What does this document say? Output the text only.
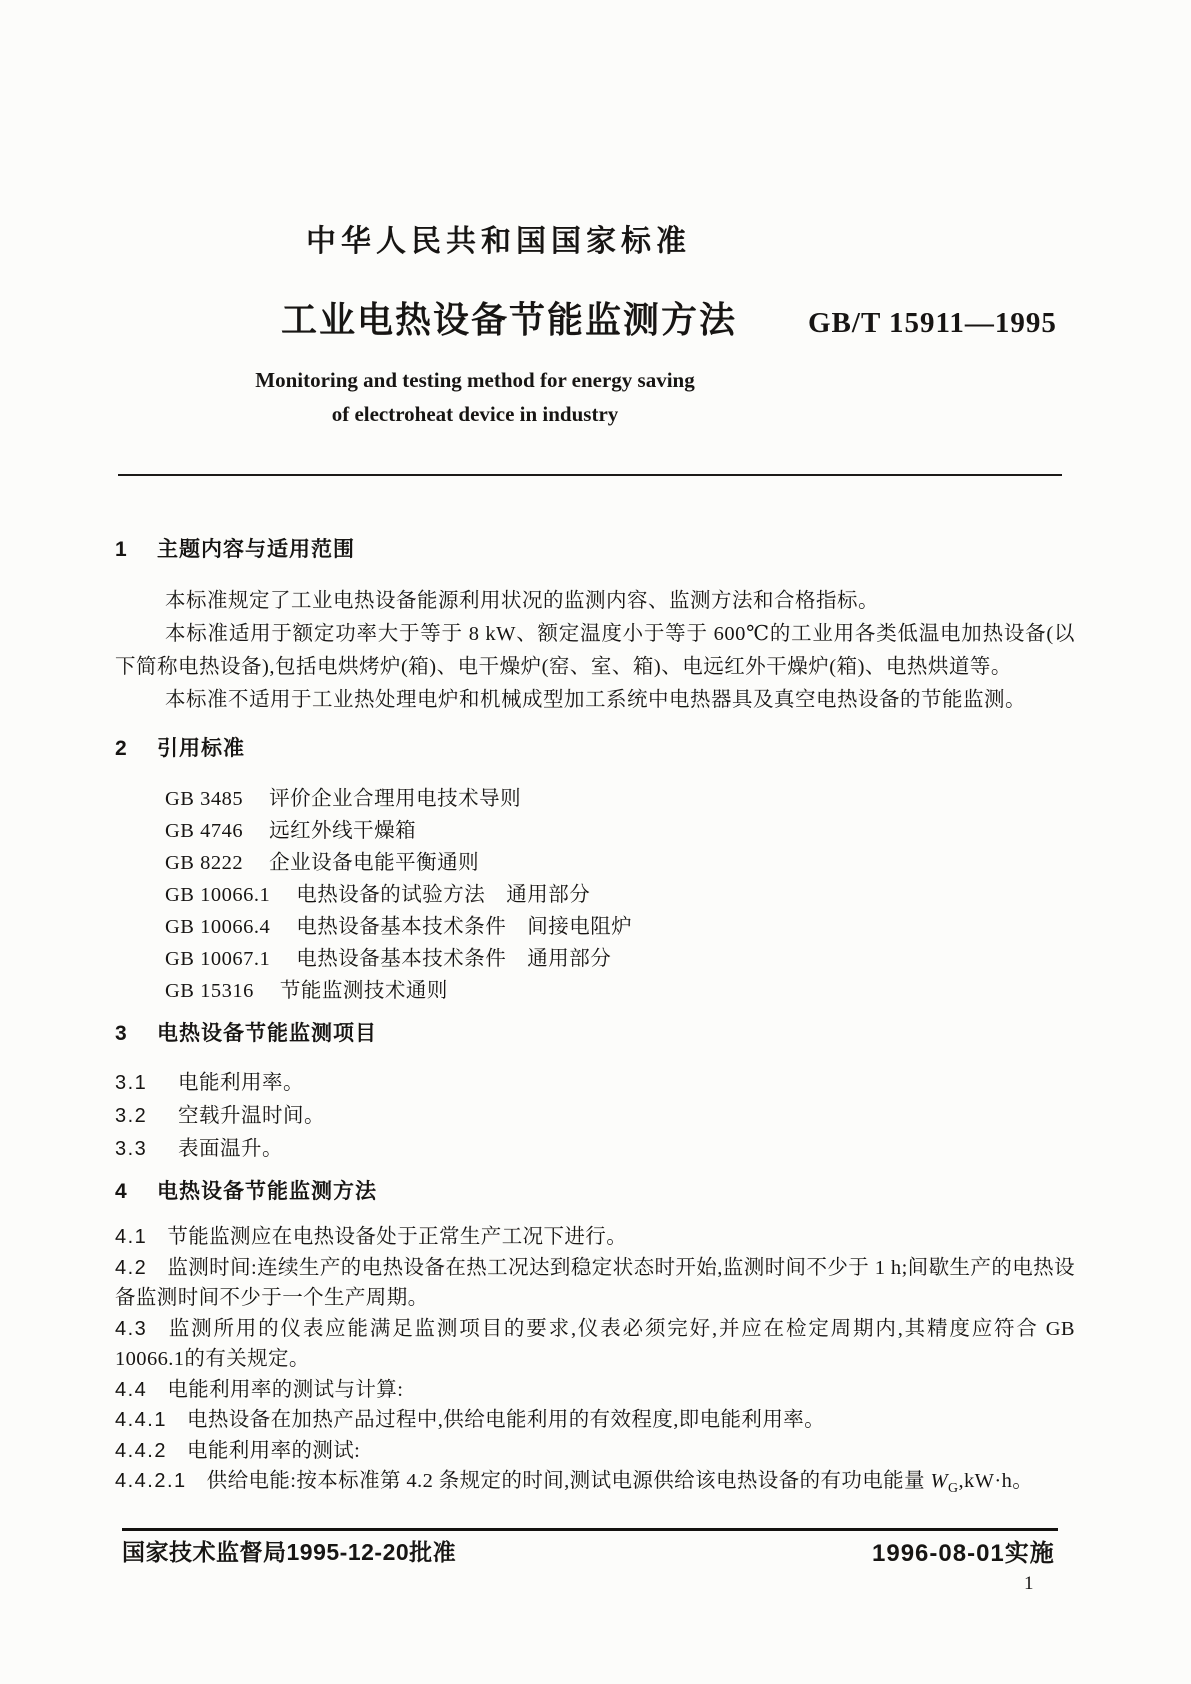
中华人民共和国国家标准
工业电热设备节能监测方法 GB/T 15911—1995
Monitoring and testing method for energy saving
of electroheat device in industry
1	主题内容与适用范围

本标准规定了工业电热设备能源利用状况的监测内容、监测方法和合格指标。

本标准适用于额定功率大于等于 8 kW、额定温度小于等于 600℃的工业用各类低温电加热设备(以下简称电热设备),包括电烘烤炉(箱)、电干燥炉(窑、室、箱)、电远红外干燥炉(箱)、电热烘道等。

本标准不适用于工业热处理电炉和机械成型加工系统中电热器具及真空电热设备的节能监测。

2	引用标准
GB 3485 评价企业合理用电技术导则
GB 4746 远红外线干燥箱
GB 8222 企业设备电能平衡通则
GB 10066.1 电热设备的试验方法　通用部分
GB 10066.4 电热设备基本技术条件　间接电阻炉
GB 10067.1 电热设备基本技术条件　通用部分
GB 15316 节能监测技术通则
3	电热设备节能监测项目
3.1	电能利用率。
3.2	空载升温时间。
3.3	表面温升。
4	电热设备节能监测方法

4.1 节能监测应在电热设备处于正常生产工况下进行。

4.2 监测时间:连续生产的电热设备在热工况达到稳定状态时开始,监测时间不少于 1 h;间歇生产的电热设备监测时间不少于一个生产周期。

4.3 监测所用的仪表应能满足监测项目的要求,仪表必须完好,并应在检定周期内,其精度应符合 GB 10066.1的有关规定。

4.4 电能利用率的测试与计算:

4.4.1 电热设备在加热产品过程中,供给电能利用的有效程度,即电能利用率。

4.4.2 电能利用率的测试:

4.4.2.1 供给电能:按本标准第 4.2 条规定的时间,测试电源供给该电热设备的有功电能量 $W_G,kW\cdot h$。

国家技术监督局1995-12-20批准	1996-08-01实施
1
